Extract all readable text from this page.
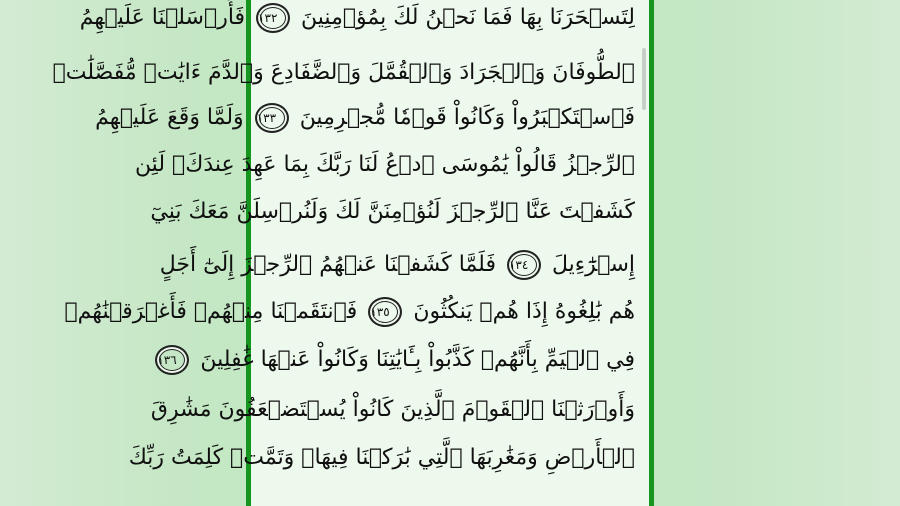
لِتَسۡحَرَنَا بِهَا فَمَا نَحۡنُ لَكَ بِمُؤۡمِنِينَ ١٣٢ فَأَرۡسَلۡنَا عَلَيۡهِمُ
ٱلطُّوفَانَ وَٱلۡجَرَادَ وَٱلۡقُمَّلَ وَٱلضَّفَادِعَ وَٱلدَّمَ ءَايَٰتٖ مُّفَصَّلَٰتٖ
فَٱسۡتَكۡبَرُواْ وَكَانُواْ قَوۡمٗا مُّجۡرِمِينَ ١٣٣ وَلَمَّا وَقَعَ عَلَيۡهِمُ
ٱلرِّجۡزُ قَالُواْ يَٰمُوسَى ٱدۡعُ لَنَا رَبَّكَ بِمَا عَهِدَ عِندَكَۖ لَئِن
كَشَفۡتَ عَنَّا ٱلرِّجۡزَ لَنُؤۡمِنَنَّ لَكَ وَلَنُرۡسِلَنَّ مَعَكَ بَنِيٓ
إِسۡرَٰٓءِيلَ ١٣٤ فَلَمَّا كَشَفۡنَا عَنۡهُمُ ٱلرِّجۡزَ إِلَىٰٓ أَجَلٍ
هُم بَٰلِغُوهُ إِذَا هُمۡ يَنكُثُونَ ١٣٥ فَٱنتَقَمۡنَا مِنۡهُمۡ فَأَغۡرَقۡنَٰهُمۡ
فِي ٱلۡيَمِّ بِأَنَّهُمۡ كَذَّبُواْ بِـَٔايَٰتِنَا وَكَانُواْ عَنۡهَا غَٰفِلِينَ ١٣٦
وَأَوۡرَثۡنَا ٱلۡقَوۡمَ ٱلَّذِينَ كَانُواْ يُسۡتَضۡعَفُونَ مَشَٰرِقَ
ٱلۡأَرۡضِ وَمَغَٰرِبَهَا ٱلَّتِي بَٰرَكۡنَا فِيهَاۖ وَتَمَّتۡ كَلِمَتُ رَبِّكَ
